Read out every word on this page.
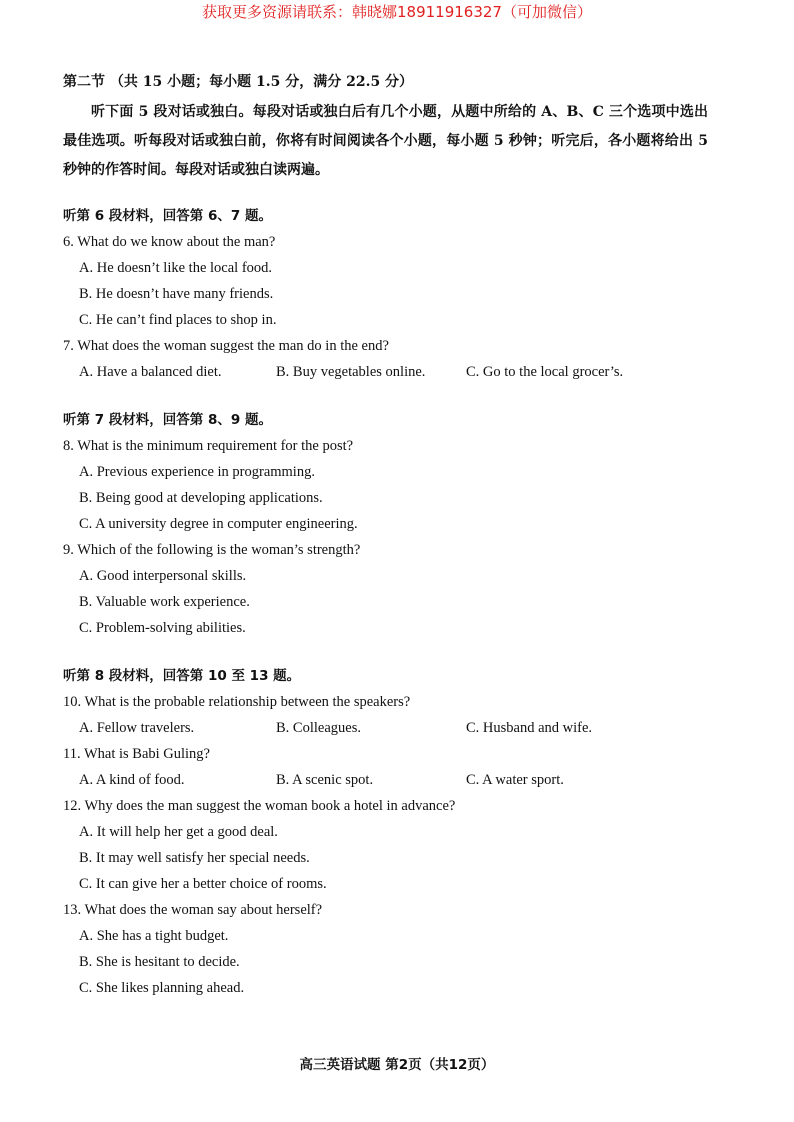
获取更多资源请联系：韩晓娜18911916327（可加微信）
第二节 （共 15 小题；每小题 1.5 分，满分 22.5 分）
听下面 5 段对话或独白。每段对话或独白后有几个小题，从题中所给的 A、B、C 三个选项中选出最佳选项。听每段对话或独白前，你将有时间阅读各个小题，每小题 5 秒钟；听完后，各小题将给出 5 秒钟的作答时间。每段对话或独白读两遍。
听第 6 段材料，回答第 6、7 题。
6. What do we know about the man?
A. He doesn’t like the local food.
B. He doesn’t have many friends.
C. He can’t find places to shop in.
7. What does the woman suggest the man do in the end?
A. Have a balanced diet.	B. Buy vegetables online.	C. Go to the local grocer’s.
听第 7 段材料，回答第 8、9 题。
8. What is the minimum requirement for the post?
A. Previous experience in programming.
B. Being good at developing applications.
C. A university degree in computer engineering.
9. Which of the following is the woman’s strength?
A. Good interpersonal skills.
B. Valuable work experience.
C. Problem-solving abilities.
听第 8 段材料，回答第 10 至 13 题。
10. What is the probable relationship between the speakers?
A. Fellow travelers.	B. Colleagues.	C. Husband and wife.
11. What is Babi Guling?
A. A kind of food.	B. A scenic spot.	C. A water sport.
12. Why does the man suggest the woman book a hotel in advance?
A. It will help her get a good deal.
B. It may well satisfy her special needs.
C. It can give her a better choice of rooms.
13. What does the woman say about herself?
A. She has a tight budget.
B. She is hesitant to decide.
C. She likes planning ahead.
高三英语试题 第2页（共12页）
